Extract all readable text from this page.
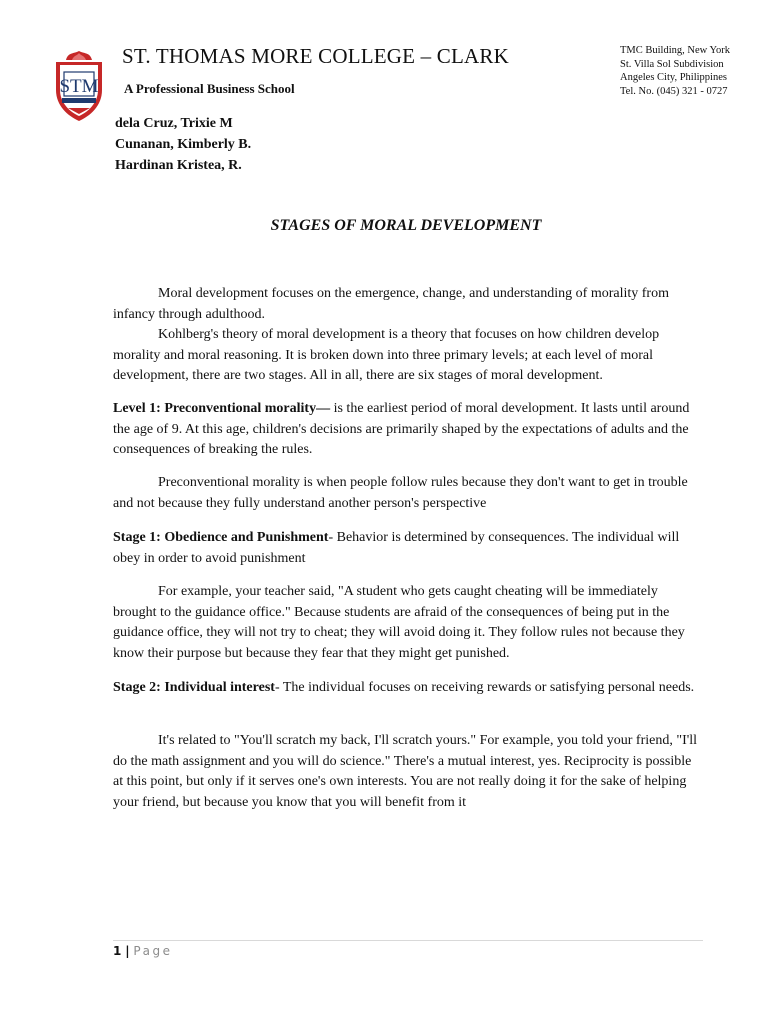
STM
ST. THOMAS MORE COLLEGE – CLARK
A Professional Business School
TMC Building, New York
St. Villa Sol Subdivision
Angeles City, Philippines
Tel. No. (045) 321 - 0727
dela Cruz, Trixie M
Cunanan, Kimberly B.
Hardinan Kristea, R.
STAGES OF MORAL DEVELOPMENT

Moral development focuses on the emergence, change, and understanding of morality from infancy through adulthood.

Kohlberg's theory of moral development is a theory that focuses on how children develop morality and moral reasoning. It is broken down into three primary levels; at each level of moral development, there are two stages. All in all, there are six stages of moral development.

Level 1: Preconventional morality— is the earliest period of moral development. It lasts until around the age of 9. At this age, children's decisions are primarily shaped by the expectations of adults and the consequences of breaking the rules.

Preconventional morality is when people follow rules because they don't want to get in trouble and not because they fully understand another person's perspective

Stage 1: Obedience and Punishment- Behavior is determined by consequences. The individual will obey in order to avoid punishment

For example, your teacher said, "A student who gets caught cheating will be immediately brought to the guidance office." Because students are afraid of the consequences of being put in the guidance office, they will not try to cheat; they will avoid doing it. They follow rules not because they know their purpose but because they fear that they might get punished.

Stage 2: Individual interest- The individual focuses on receiving rewards or satisfying personal needs.

It's related to "You'll scratch my back, I'll scratch yours." For example, you told your friend, "I'll do the math assignment and you will do science." There's a mutual interest, yes. Reciprocity is possible at this point, but only if it serves one's own interests. You are not really doing it for the sake of helping your friend, but because you know that you will benefit from it

1 | Page
